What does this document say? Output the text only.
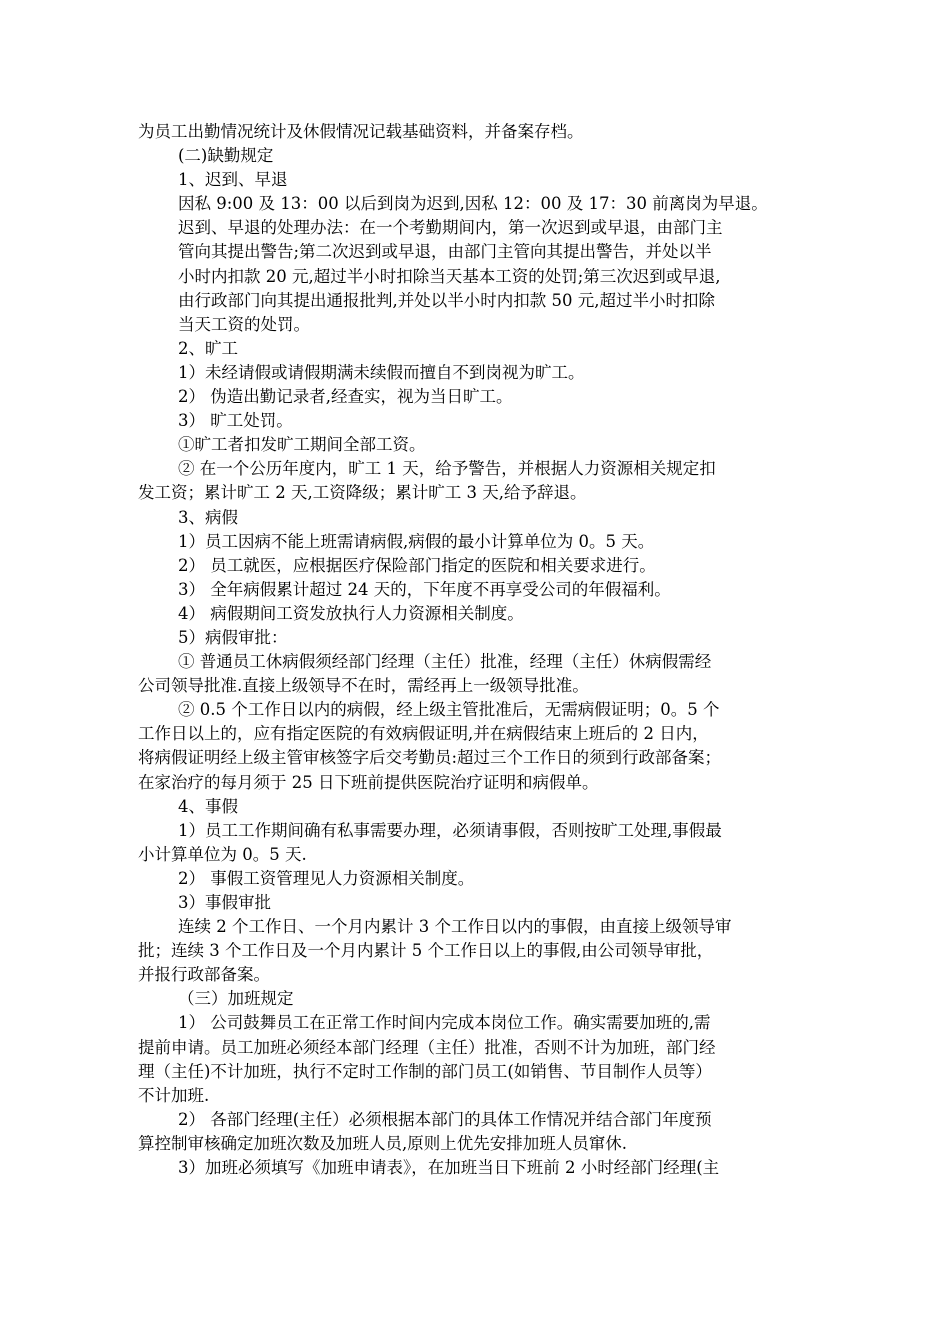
为员工出勤情况统计及休假情况记载基础资料，并备案存档。
(二)缺勤规定
1、迟到、早退
因私 9:00 及 13：00 以后到岗为迟到,因私 12：00 及 17：30 前离岗为早退。
迟到、早退的处理办法：在一个考勤期间内，第一次迟到或早退，由部门主
管向其提出警告;第二次迟到或早退，由部门主管向其提出警告，并处以半
小时内扣款 20 元,超过半小时扣除当天基本工资的处罚;第三次迟到或早退,
由行政部门向其提出通报批判,并处以半小时内扣款 50 元,超过半小时扣除
当天工资的处罚。
2、旷工
1）未经请假或请假期满未续假而擅自不到岗视为旷工。
2） 伪造出勤记录者,经查实，视为当日旷工。
3） 旷工处罚。
①旷工者扣发旷工期间全部工资。
② 在一个公历年度内，旷工 1 天，给予警告，并根据人力资源相关规定扣
发工资；累计旷工 2 天,工资降级；累计旷工 3 天,给予辞退。
3、病假
1）员工因病不能上班需请病假,病假的最小计算单位为 0。5 天。
2） 员工就医，应根据医疗保险部门指定的医院和相关要求进行。
3） 全年病假累计超过 24 天的，下年度不再享受公司的年假福利。
4） 病假期间工资发放执行人力资源相关制度。
5）病假审批：
① 普通员工休病假须经部门经理（主任）批准，经理（主任）休病假需经
公司领导批准.直接上级领导不在时，需经再上一级领导批准。
② 0.5 个工作日以内的病假，经上级主管批准后，无需病假证明；0。5 个
工作日以上的，应有指定医院的有效病假证明,并在病假结束上班后的 2 日内，
将病假证明经上级主管审核签字后交考勤员:超过三个工作日的须到行政部备案；
在家治疗的每月须于 25 日下班前提供医院治疗证明和病假单。
4、事假
1）员工工作期间确有私事需要办理，必须请事假，否则按旷工处理,事假最
小计算单位为 0。5 天.
2） 事假工资管理见人力资源相关制度。
3）事假审批
连续 2 个工作日、一个月内累计 3 个工作日以内的事假，由直接上级领导审
批；连续 3 个工作日及一个月内累计 5 个工作日以上的事假,由公司领导审批，
并报行政部备案。
（三）加班规定
1） 公司鼓舞员工在正常工作时间内完成本岗位工作。确实需要加班的,需
提前申请。员工加班必须经本部门经理（主任）批准，否则不计为加班，部门经
理（主任)不计加班，执行不定时工作制的部门员工(如销售、节目制作人员等）
不计加班.
2） 各部门经理(主任）必须根据本部门的具体工作情况并结合部门年度预
算控制审核确定加班次数及加班人员,原则上优先安排加班人员窜休.
3）加班必须填写《加班申请表》，在加班当日下班前 2 小时经部门经理(主
